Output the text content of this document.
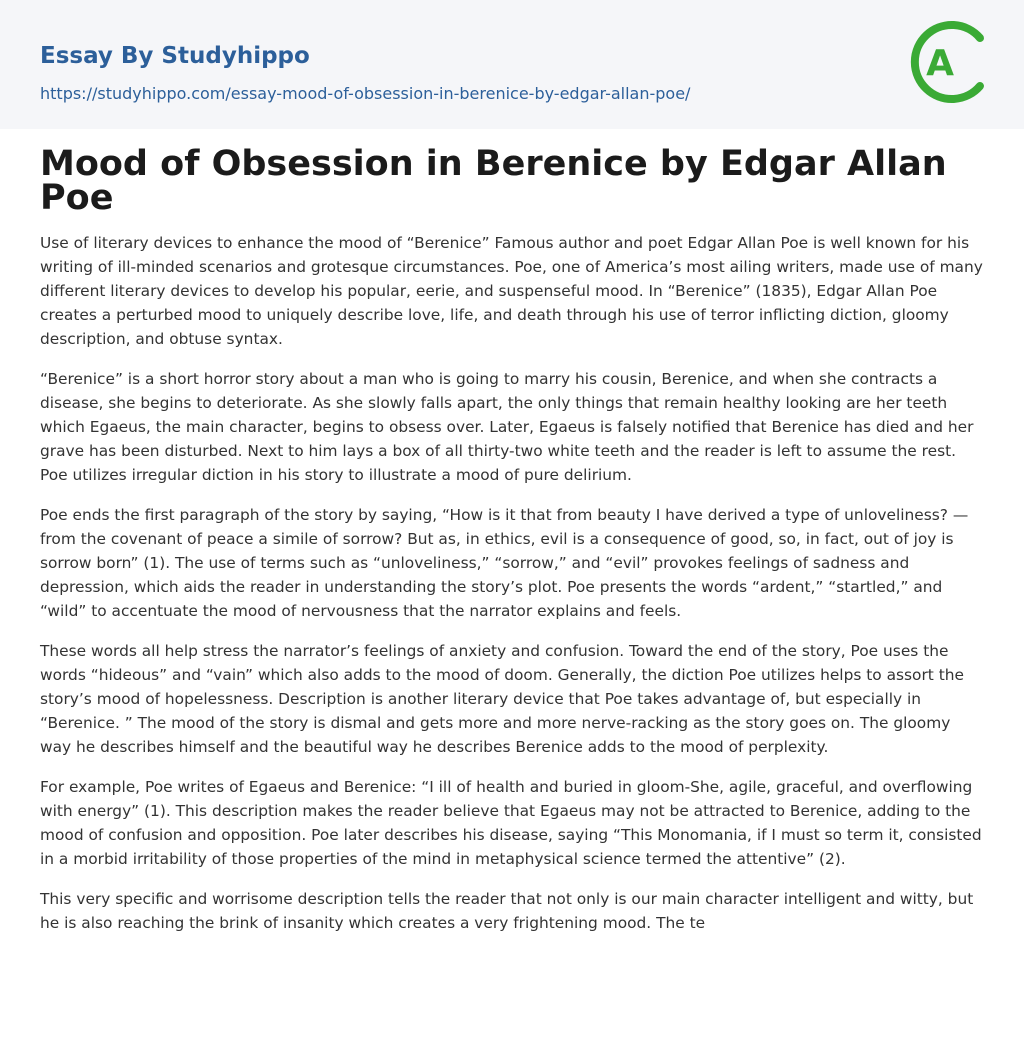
Essay By Studyhippo
https://studyhippo.com/essay-mood-of-obsession-in-berenice-by-edgar-allan-poe/
A
Mood of Obsession in Berenice by Edgar Allan Poe

Use of literary devices to enhance the mood of “Berenice” Famous author and poet Edgar Allan Poe is well known for his writing of ill-minded scenarios and grotesque circumstances. Poe, one of America’s most ailing writers, made use of many different literary devices to develop his popular, eerie, and suspenseful mood. In “Berenice” (1835), Edgar Allan Poe creates a perturbed mood to uniquely describe love, life, and death through his use of terror inflicting diction, gloomy description, and obtuse syntax.

“Berenice” is a short horror story about a man who is going to marry his cousin, Berenice, and when she contracts a disease, she begins to deteriorate. As she slowly falls apart, the only things that remain healthy looking are her teeth which Egaeus, the main character, begins to obsess over. Later, Egaeus is falsely notified that Berenice has died and her grave has been disturbed. Next to him lays a box of all thirty-two white teeth and the reader is left to assume the rest. Poe utilizes irregular diction in his story to illustrate a mood of pure delirium.

Poe ends the first paragraph of the story by saying, “How is it that from beauty I have derived a type of unloveliness? —from the covenant of peace a simile of sorrow? But as, in ethics, evil is a consequence of good, so, in fact, out of joy is sorrow born” (1). The use of terms such as “unloveliness,” “sorrow,” and “evil” provokes feelings of sadness and depression, which aids the reader in understanding the story’s plot. Poe presents the words “ardent,” “startled,” and “wild” to accentuate the mood of nervousness that the narrator explains and feels.

These words all help stress the narrator’s feelings of anxiety and confusion. Toward the end of the story, Poe uses the words “hideous” and “vain” which also adds to the mood of doom. Generally, the diction Poe utilizes helps to assort the story’s mood of hopelessness. Description is another literary device that Poe takes advantage of, but especially in “Berenice. ” The mood of the story is dismal and gets more and more nerve-racking as the story goes on. The gloomy way he describes himself and the beautiful way he describes Berenice adds to the mood of perplexity.

For example, Poe writes of Egaeus and Berenice: “I ill of health and buried in gloom-She, agile, graceful, and overflowing with energy” (1). This description makes the reader believe that Egaeus may not be attracted to Berenice, adding to the mood of confusion and opposition. Poe later describes his disease, saying “This Monomania, if I must so term it, consisted in a morbid irritability of those properties of the mind in metaphysical science termed the attentive” (2).

This very specific and worrisome description tells the reader that not only is our main character intelligent and witty, but he is also reaching the brink of insanity which creates a very frightening mood. The te
